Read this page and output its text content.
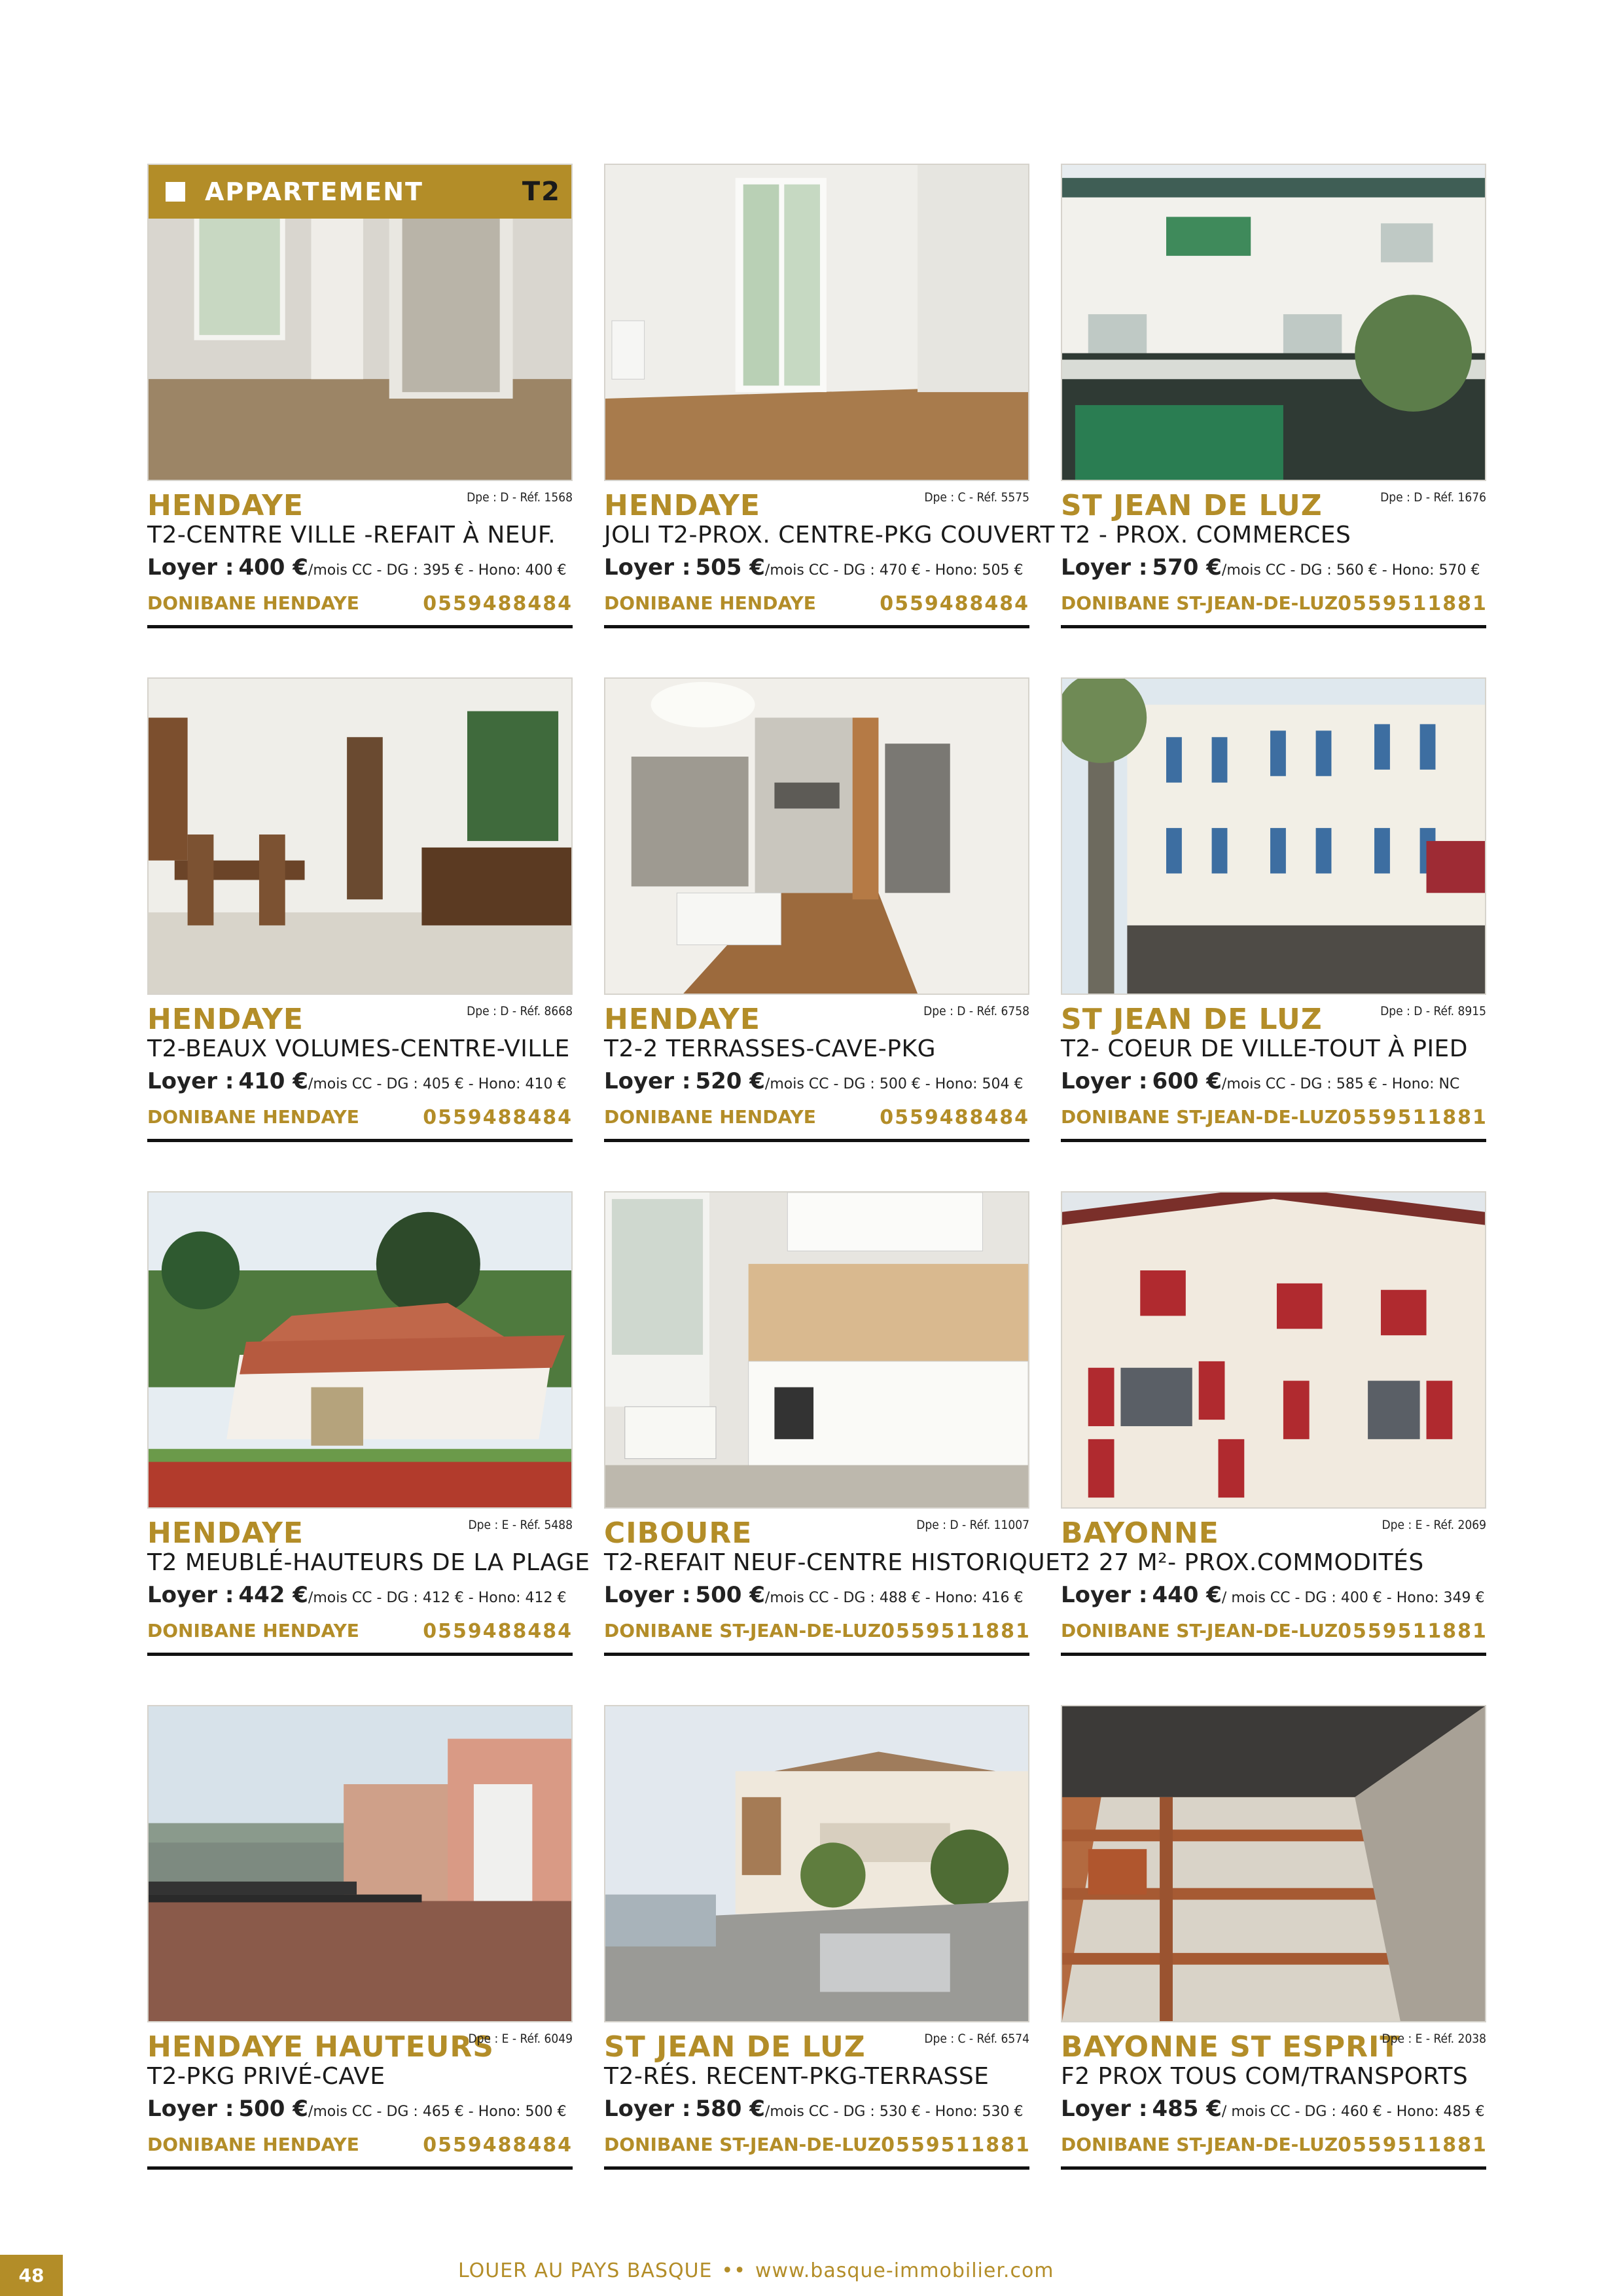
APPARTEMENT	T2
HENDAYE	Dpe : D - Réf. 1568
T2-CENTRE VILLE -REFAIT À NEUF.
Loyer : 400 €/mois CC - DG : 395 € - Hono: 400 €
DONIBANE HENDAYE	0559488484
HENDAYE	Dpe : C - Réf. 5575
JOLI T2-PROX. CENTRE-PKG COUVERT
Loyer : 505 €/mois CC - DG : 470 € - Hono: 505 €
DONIBANE HENDAYE	0559488484
ST JEAN DE LUZ	Dpe : D - Réf. 1676
T2 - PROX. COMMERCES
Loyer : 570 €/mois CC - DG : 560 € - Hono: 570 €
DONIBANE ST-JEAN-DE-LUZ 0559511881
HENDAYE	Dpe : D - Réf. 8668
T2-BEAUX VOLUMES-CENTRE-VILLE
Loyer : 410 €/mois CC - DG : 405 € - Hono: 410 €
DONIBANE HENDAYE	0559488484
HENDAYE	Dpe : D - Réf. 6758
T2-2 TERRASSES-CAVE-PKG
Loyer : 520 €/mois CC - DG : 500 € - Hono: 504 €
DONIBANE HENDAYE	0559488484
ST JEAN DE LUZ	Dpe : D - Réf. 8915
T2- COEUR DE VILLE-TOUT À PIED
Loyer : 600 €/mois CC - DG : 585 € - Hono: NC
DONIBANE ST-JEAN-DE-LUZ 0559511881
HENDAYE	Dpe : E - Réf. 5488
T2 MEUBLÉ-HAUTEURS DE LA PLAGE
Loyer : 442 €/mois CC - DG : 412 € - Hono: 412 €
DONIBANE HENDAYE	0559488484
CIBOURE	Dpe : D - Réf. 11007
T2-REFAIT NEUF-CENTRE HISTORIQUE
Loyer : 500 €/mois CC - DG : 488 € - Hono: 416 €
DONIBANE ST-JEAN-DE-LUZ 0559511881
BAYONNE	Dpe : E - Réf. 2069
T2 27 M²- PROX.COMMODITÉS
Loyer : 440 €/ mois CC - DG : 400 € - Hono: 349 €
DONIBANE ST-JEAN-DE-LUZ 0559511881
HENDAYE HAUTEURS
Dpe : E - Réf. 6049
T2-PKG PRIVÉ-CAVE
Loyer : 500 €/mois CC - DG : 465 € - Hono: 500 €
DONIBANE HENDAYE	0559488484
ST JEAN DE LUZ	Dpe : C - Réf. 6574
T2-RÉS. RECENT-PKG-TERRASSE
Loyer : 580 €/mois CC - DG : 530 € - Hono: 530 €
DONIBANE ST-JEAN-DE-LUZ 0559511881
BAYONNE ST ESPRIT
Dpe : E - Réf. 2038
F2 PROX TOUS COM/TRANSPORTS
Loyer : 485 €/ mois CC - DG : 460 € - Hono: 485 €
DONIBANE ST-JEAN-DE-LUZ 0559511881
48	LOUER AU PAYS BASQUE •• www.basque-immobilier.com
